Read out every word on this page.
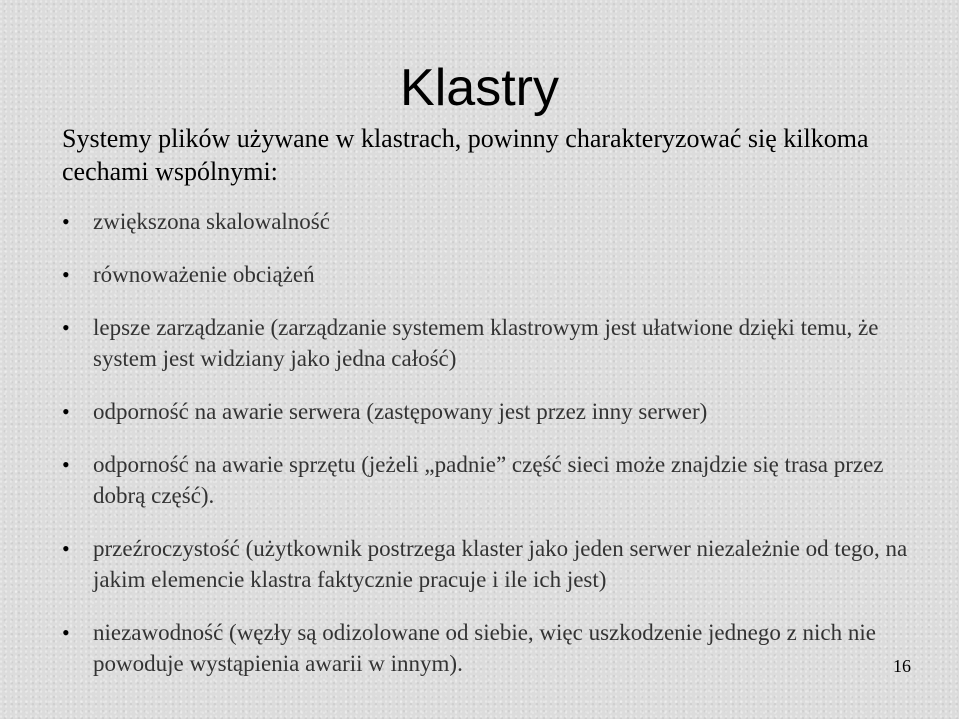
Klastry

Systemy plików używane w klastrach, powinny charakteryzować się kilkoma cechami wspólnymi:

• zwiększona skalowalność
• równoważenie obciążeń
• lepsze zarządzanie (zarządzanie systemem klastrowym jest ułatwione dzięki temu, że system jest widziany jako jedna całość)
• odporność na awarie serwera (zastępowany jest przez inny serwer)
• odporność na awarie sprzętu (jeżeli „padnie” część sieci może znajdzie się trasa przez dobrą część).
• przeźroczystość (użytkownik postrzega klaster jako jeden serwer niezależnie od tego, na jakim elemencie klastra faktycznie pracuje i ile ich jest)
• niezawodność (węzły są odizolowane od siebie, więc uszkodzenie jednego z nich nie powoduje wystąpienia awarii w innym).	16
